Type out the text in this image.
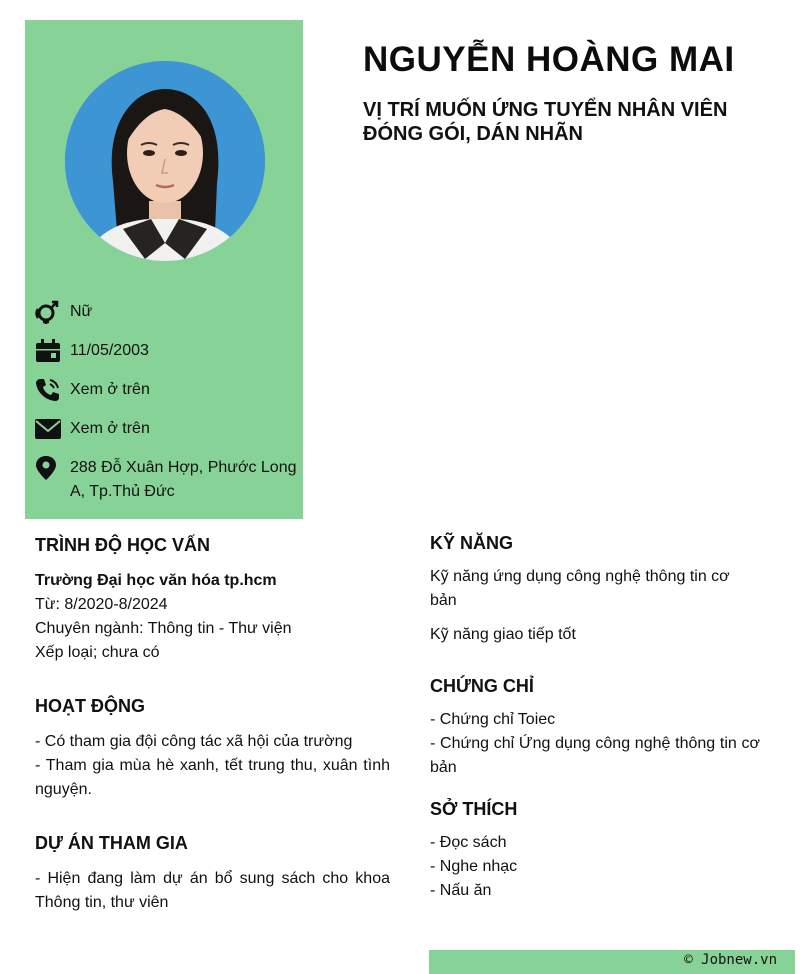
Nữ
11/05/2003
Xem ở trên
Xem ở trên
288 Đỗ Xuân Hợp, Phước Long A, Tp.Thủ Đức
NGUYỄN HOÀNG MAI
VỊ TRÍ MUỐN ỨNG TUYỂN NHÂN VIÊN ĐÓNG GÓI, DÁN NHÃN
TRÌNH ĐỘ HỌC VẤN
Trường Đại học văn hóa tp.hcm
Từ: 8/2020-8/2024
Chuyên ngành: Thông tin - Thư viện
Xếp loại; chưa có
HOẠT ĐỘNG
- Có tham gia đội công tác xã hội của trường
- Tham gia mùa hè xanh, tết trung thu, xuân tình nguyện.
DỰ ÁN THAM GIA
- Hiện đang làm dự án bổ sung sách cho khoa Thông tin, thư viên
KỸ NĂNG
Kỹ năng ứng dụng công nghệ thông tin cơ bản
Kỹ năng giao tiếp tốt
CHỨNG CHỈ
- Chứng chỉ Toiec
- Chứng chỉ Ứng dụng công nghệ thông tin cơ bản
SỞ THÍCH
- Đọc sách
- Nghe nhạc
- Nấu ăn
© Jobnew.vn
